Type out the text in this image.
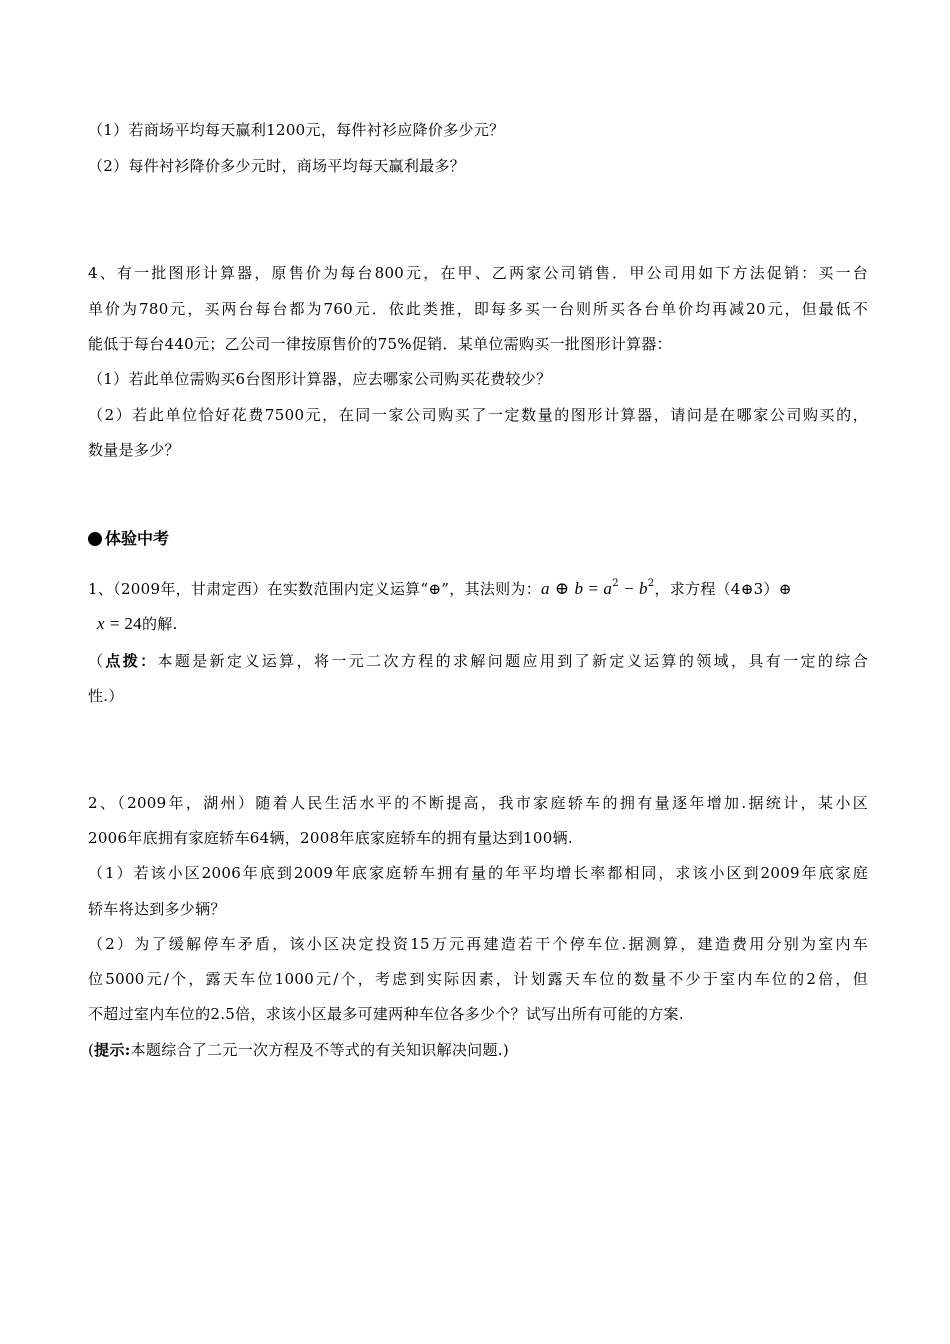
（1）若商场平均每天赢利1200元，每件衬衫应降价多少元？
（2）每件衬衫降价多少元时，商场平均每天赢利最多？
4、有一批图形计算器，原售价为每台800元，在甲、乙两家公司销售．甲公司用如下方法促销：买一台
单价为780元，买两台每台都为760元．依此类推，即每多买一台则所买各台单价均再减20元，但最低不
能低于每台440元；乙公司一律按原售价的75%促销．某单位需购买一批图形计算器：
（1）若此单位需购买6台图形计算器，应去哪家公司购买花费较少？
（2）若此单位恰好花费7500元，在同一家公司购买了一定数量的图形计算器，请问是在哪家公司购买的，
数量是多少？
体验中考
1、（2009年，甘肃定西）在实数范围内定义运算“⊕”，其法则为：a ⊕ $b = a^2 - b^2$，求方程（4⊕3）⊕
x = 24的解.
（点拨：本题是新定义运算，将一元二次方程的求解问题应用到了新定义运算的领域，具有一定的综合
性.）
2、（2009年，湖州）随着人民生活水平的不断提高，我市家庭轿车的拥有量逐年增加.据统计，某小区
2006年底拥有家庭轿车64辆，2008年底家庭轿车的拥有量达到100辆.
（1）若该小区2006年底到2009年底家庭轿车拥有量的年平均增长率都相同，求该小区到2009年底家庭
轿车将达到多少辆？
（2）为了缓解停车矛盾，该小区决定投资15万元再建造若干个停车位.据测算，建造费用分别为室内车
位5000元/个，露天车位1000元/个，考虑到实际因素，计划露天车位的数量不少于室内车位的2倍，但
不超过室内车位的2.5倍，求该小区最多可建两种车位各多少个？试写出所有可能的方案.
(提示:本题综合了二元一次方程及不等式的有关知识解决问题.)
